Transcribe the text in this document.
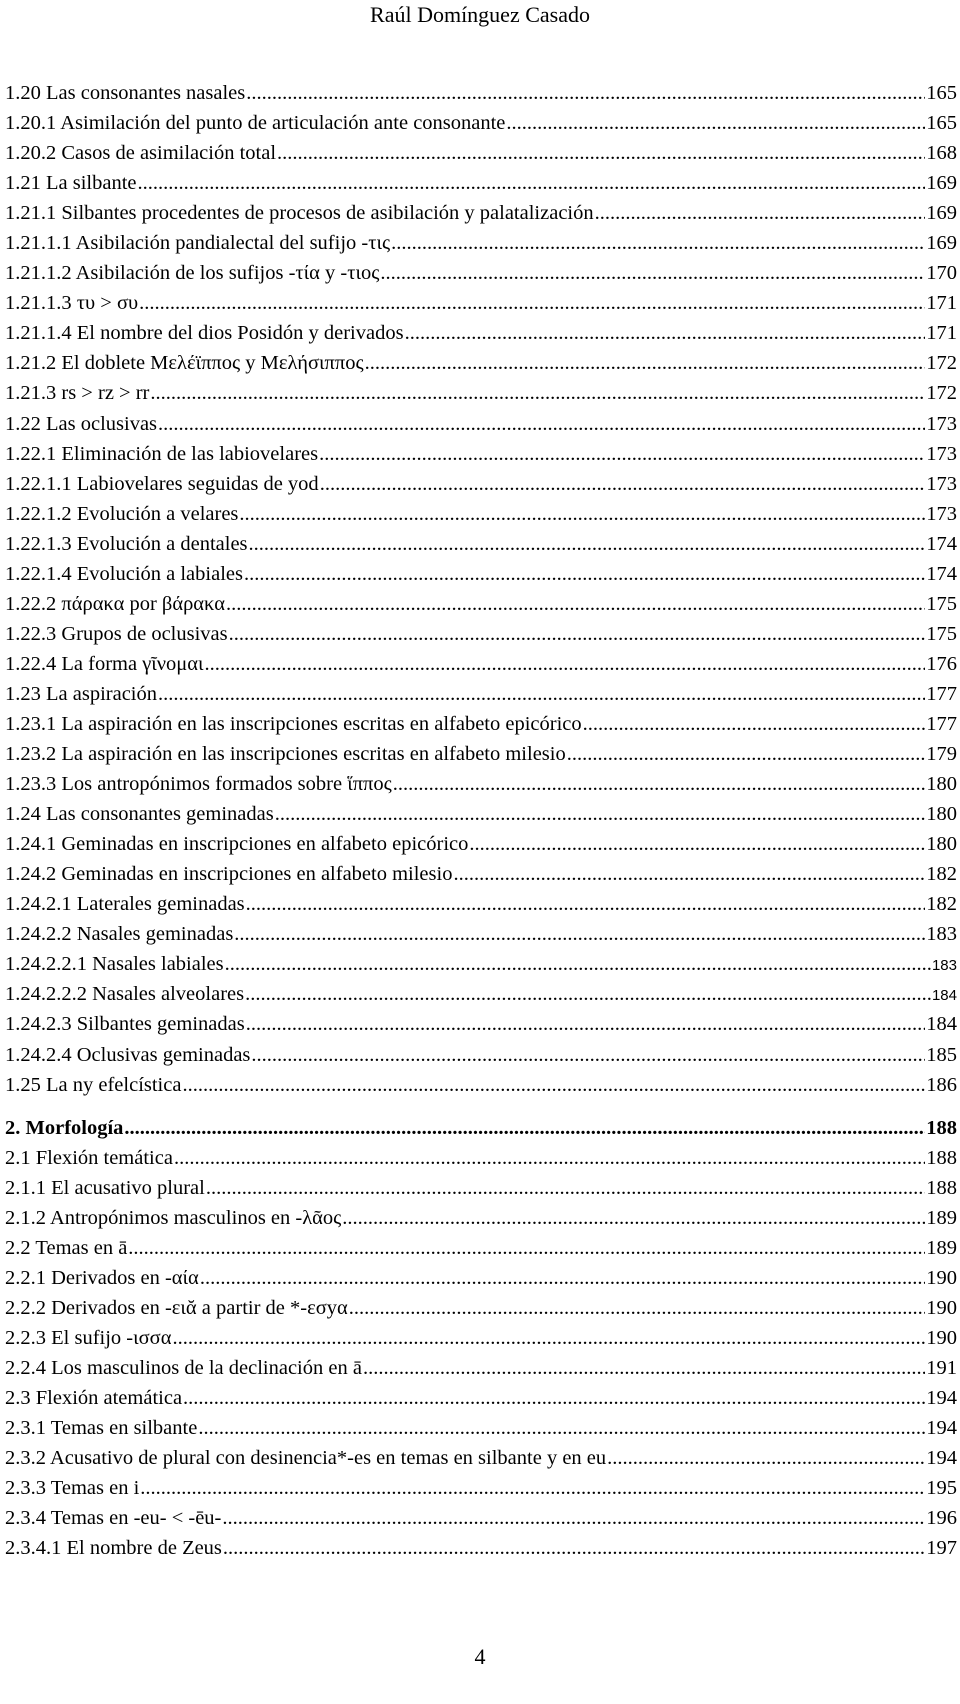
Raúl Domínguez Casado
1.20 Las consonantes nasales .....	165
1.20.1 Asimilación del punto de articulación ante consonante .....	165
1.20.2 Casos de asimilación total .....	168
1.21 La silbante .....	169
1.21.1 Silbantes procedentes de procesos de asibilación y palatalización .....	169
1.21.1.1 Asibilación pandialectal del sufijo -τις .....	169
1.21.1.2 Asibilación de los sufijos -τία y -τιος .....	170
1.21.1.3 τυ > συ .....	171
1.21.1.4 El nombre del dios Posidón y derivados .....	171
1.21.2 El doblete Μελέϊππος y Μελήσιππος .....	172
1.21.3 rs > rz > rr .....	172
1.22 Las oclusivas .....	173
1.22.1 Eliminación de las labiovelares .....	173
1.22.1.1 Labiovelares seguidas de yod .....	173
1.22.1.2 Evolución a velares .....	173
1.22.1.3 Evolución a dentales .....	174
1.22.1.4 Evolución a labiales .....	174
1.22.2 πάρακα por βάρακα .....	175
1.22.3 Grupos de oclusivas .....	175
1.22.4 La forma γῖνομαι .....	176
1.23 La aspiración .....	177
1.23.1 La aspiración en las inscripciones escritas en alfabeto epicórico .....	177
1.23.2 La aspiración en las inscripciones escritas en alfabeto milesio .....	179
1.23.3 Los antropónimos formados sobre ἵππος .....	180
1.24 Las consonantes geminadas .....	180
1.24.1 Geminadas en inscripciones en alfabeto epicórico .....	180
1.24.2 Geminadas en inscripciones en alfabeto milesio .....	182
1.24.2.1 Laterales geminadas .....	182
1.24.2.2 Nasales geminadas .....	183
1.24.2.2.1 Nasales labiales .....	183
1.24.2.2.2 Nasales alveolares .....	184
1.24.2.3 Silbantes geminadas .....	184
1.24.2.4 Oclusivas geminadas .....	185
1.25 La ny efelcística .....	186
2. Morfología .....	188
2.1 Flexión temática .....	188
2.1.1 El acusativo plural .....	188
2.1.2 Antropónimos masculinos en -λᾶος .....	189
2.2 Temas en ā .....	189
2.2.1 Derivados en -αία .....	190
2.2.2 Derivados en -ειᾰ a partir de *-εσyα .....	190
2.2.3 El sufijo -ισσα .....	190
2.2.4 Los masculinos de la declinación en ā .....	191
2.3 Flexión atemática .....	194
2.3.1 Temas en silbante .....	194
2.3.2 Acusativo de plural con desinencia*-es en temas en silbante y en eu .....	194
2.3.3 Temas en i .....	195
2.3.4 Temas en -eu- < -ēu- .....	196
2.3.4.1 El nombre de Zeus .....	197
4
